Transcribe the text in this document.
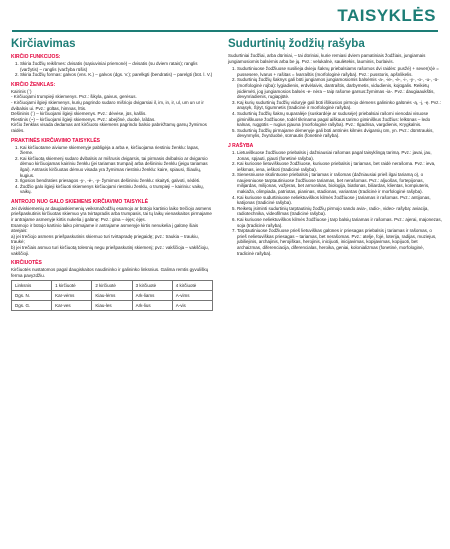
TAISYKLĖS
Kirčiavimas
KIRČIO FUNKCIJOS:
1. Skiria žodžių reikšmes: dvisatis (sąsiuviniai priemonė) – dvisatis (su dviem ratais); ranglis (varžytis) – ranglis (varžyba rūšis)
2. Skiria žodžių formas: galvos (vns. K.) – galvos (dgs. V.); parelkgti (bendratis) – parelgti (būt. l. V.)
KIRČIO ŽENKLAS:
Kairinis (`)
- Kirčiuojami trumpieji skiemenys. Pvz.: šikyla, gaivus, gerėsus.
- Kirčiuojami ilgieji skiemenys, kurių pagrindo sudaro mišriojo dvigarsiai il, im, in, ir, ul, um un ur ir dvibalsis ui. Pvz.: gūltas, himnas, lītis.
Dešininis (´) – kirčiuojami ilgieji skiemenys. Pvz.: dėvėse, jūs, kašlis.
Riestinis (~) – kirčiuojami ilgieji skiemenys. Pvz.: abejõnė, duobė, laĩdas.
Kirčio ženklas visada dedamas ant kirčiuoto skiemens pagrindo balsio pabrėžtamų garsų žymimos raidės.
PRAKTINĖS KIRČIAVIMO TAISYKLĖS
1. Kai kirčiuotame aiviume skiemenyje pabligėja a arba e, kirčiuojama riestiniu ženklu: lapas, žieme.
2. Kai kirčiuotą skiemenį sudaro dvibalsis ar mišrusis dvigarsis, tai pirmasis dvibalsio ar dvigarsio dėmuo kirčiuojamas kairiniu ženklu (jei tariamas trumpai) arba dešininiu ženklu (jeigu tariamas ilgai). Antrasis kirčiuotas dėmuo visada yra žymimas riestiniu ženklu: kaire, spiausi, Šiaulių, kugius.
3. Ilgosios bendraties priesagos -y-, -ė-, -y- žymimos dešininiu ženklu: skaityti, galvoti, sėdėti.
4. Žodžio galo ilgieji kirčiuoti skiemenys kirčiuojami riestiniu ženklu, o trumpieji – kairiniu: vaikų, vaikų.
ANTROJO NUO GALO SKIEMENS KIRČIAVIMO TAISYKLĖ

Jei dviskiemenių ar daugiaskiemenių veiksmažodžių esamojo ar būtojo kartinio laiko trečiojo asmens priešpaskutinis kirčiuotas skiemuo yra tvirtapradis arba trumpasis, tai tų laikų vienaskaitos pirmajame ir antrajame asmenyje kirtis nukelia į galūnę: Pvz.: gina – ėjęs; ėjęs.

Esamojo ir būtojo kartinio laiko pirmajame ir antrajame asmenyje kirtis nenukelia į galūnę šiais atvejais:

a) jei trečiojo asmens priešpaskutinis skiemuo turi tvirtapradę priegaidę; pvz.: traukia – traukiu, traukė;

b) jei trečiais asmuo turi kirčiuotą tolesnių negu priešpaskutinį skiemenį; pvz.: vakščioja – vakščioju, vakščioji.

KIRČIUOTĖS

Kirčiuotės nustatomos pagal daugiskaitos naudininko ir galininko linksnius. Galima remtis gyvuliškų ferma pavyzdžiu.

Linksnis	1 kirčiuotė	2 kirčiuotė	3 kirčiuotė	4 kirčiuotė
Dgs. N.	Kar-vėms	Kiau-lėms	Ark-liams	A-vims
Dgs. G.	Kar-ves	Kiau-les	Ark-lius	A-vis
Sudurtinių žodžių rašyba

Sudurtiniai žodžiai, arba dūriniai, – tai dūriniai, kurie remiasi dviem pamatiniais žodžiais, jungiamais jungiamosiomis balsėmis arba be jų. Pvz.: velukalnė, saulėtekis, lauminis, burlaivis.

1. Sudurtiniuose žodžiuose susilieja dvieju šaknų priebalsiams rašomos dvi raidės: pusžė) + sever(s)ė = pussesere, lvarus + rašitas = lvarraštis (morfologinė rašyba). Pvz.: pusstoris, apšnlikelis.
2. Sudurtinių žodžių šaknys gali būti jungiamos jungiamosiomis balsėmis -a-, -ie-, -ė-, -i-, -y-, -o-, -u-, -ū- (morfologinė rojba): lygiadienis, erdvėlaivis, dantraštis, darbymetis, vidudienis, kojūgalis. Reikėtų įsidėmėti, jog jungiamosios balsės -e- nėra – taip rašome garsus:žymimas -ia-. Pvz.: daugiaaukštis, devynriadienis, rugiapjūtė.
3. Kaj kurių sudurtinių žodžių viduryje gali būti išlikusios pirmojo dėmens galininko galūnės -ą, -į, -ę. Pvz.: anąsyk, Šįryt, tigumnetis (tradicinė ir morfologinė rašyba).
4. Sudurtinių žodžių šaknų suparalėje (suskardėje ar sudusėje) priebalsiai rašomi vienodai visuose giminiškuose žodžiuose, todėl tikrinama pagal aiškaus tarimo giminiškus žodžius: lelkūnas – ledo kalnas, ruggūtis – rugius pjauna (morfologinė rašyba). Pvz.: Ilgadrisa, vargdienis, Krygkalnis.
5. Sudurtinių žodžių pirmajame dėmenyje gali būti antrinės kilmės dvigarsių ūm, yn. Pvz.: dūmtraukis, devynmylis, žvyrduobė, sūrnautis (fonetinė rašyba).
J RAŠYBA
1. Lietuviškuose žodžiuose priebalsis j dažniausiai rašomas pagal taisyklingą tarimą. Pvz.: javai, jau, Jonas, spjauti, pjauti (fonetinė rašyba).
2. Kai kurioose lietuviškuose žodžiuose, kuriuose priebalsis j tariamas, bet raidė nerašoma. Pvz.: ieva, ieškmas, iena, ieškoti (tradicinė rašyba).
3. Sienesniuose skolintuose priebalsis j tariamas ir rašomas (dažniausiai prieš ilgai tariamą o), o naujesniuose tarptautiniuose žodžiuose tariamas, bet nerašomas. Pvz.: aljuošas, fortepijonas, milijardas, milijonas, vožjeras, bet armonikas, biologija, biatlonas, biliardas, klientas, kompiuteris, makiaža, olimpiada, patriotas, pianinas, stadionas, variantas (tradicinė ir morfologinė rašyba).
4. Kai kuriuose sudurtiniuose neliektuviškos kilmės žodžiuose j tariamas ir rašomas. Pvz.: antijonas, katijonas (tradicinė rašyba).
5. Reiketų įsiminti sudurtinių tarptautinių žodžių pirmojo sando avia-, radio-, video- rašybą: aviacija, radiotechnika, videofilmas (tradicinė rašyba).
6. Kai kuriuose neliektuviškos kilmės žodžiuose j tarp balsių tariamas ir rašomas. Pvz.: ajerai, majonezas, soja (tradicinė rašyba).
7. Tarptautiniuose žodžiuose prieš lietuviškas galūnes ir priesagas priebalsis j tariamas ir rašomas, o prieš nelietuviškas priesagas – tariamas, bet nerašomas. Pvz.: atelje, fojė, loterija, radijas, muziejus, jubiliejinis, archajinis, herojiškas, herojinis, inicijuoti, inicijavimas, kopijavimas, kopijuoti, bet archaizmas, diferenciacija, diferencialas, heroika, geniai, kolonializmas (fonetinė, morfologinė, tradicinė rašyba).
